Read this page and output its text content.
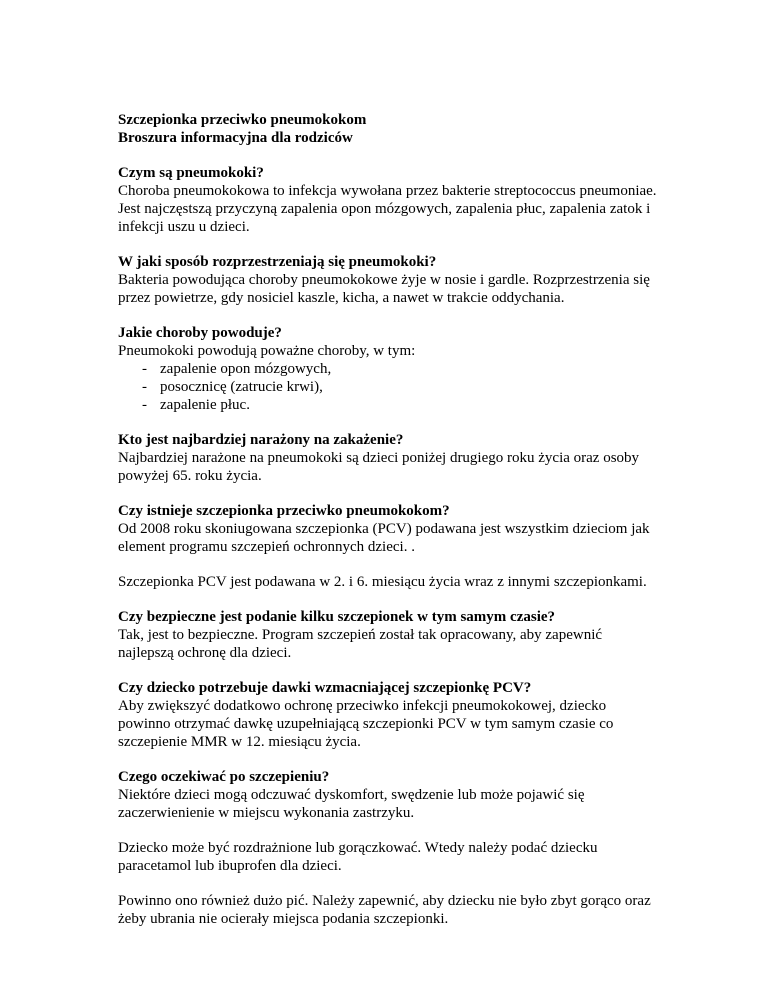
Szczepionka przeciwko pneumokokom
Broszura informacyjna dla rodziców
Czym są pneumokoki?
Choroba pneumokokowa to infekcja wywołana przez bakterie streptococcus pneumoniae. Jest najczęstszą przyczyną zapalenia opon mózgowych, zapalenia płuc, zapalenia zatok i infekcji uszu u dzieci.
W jaki sposób rozprzestrzeniają się pneumokoki?
Bakteria powodująca choroby pneumokokowe żyje w nosie i gardle. Rozprzestrzenia się przez powietrze, gdy nosiciel kaszle, kicha, a nawet w trakcie oddychania.
Jakie choroby powoduje?
Pneumokoki powodują poważne choroby, w tym:
- zapalenie opon mózgowych,
- posocznicę (zatrucie krwi),
- zapalenie płuc.
Kto jest najbardziej narażony na zakażenie?
Najbardziej narażone na pneumokoki są dzieci poniżej drugiego roku życia oraz osoby powyżej 65. roku życia.
Czy istnieje szczepionka przeciwko pneumokokom?
Od 2008 roku skoniugowana szczepionka (PCV) podawana jest wszystkim dzieciom jak element programu szczepień ochronnych dzieci. .
Szczepionka PCV jest podawana w 2. i 6. miesiącu życia wraz z innymi szczepionkami.
Czy bezpieczne jest podanie kilku szczepionek w tym samym czasie?
Tak, jest to bezpieczne. Program szczepień został tak opracowany, aby zapewnić najlepszą ochronę dla dzieci.
Czy dziecko potrzebuje dawki wzmacniającej szczepionkę PCV?
Aby zwiększyć dodatkowo ochronę przeciwko infekcji pneumokokowej, dziecko powinno otrzymać dawkę uzupełniającą szczepionki PCV w tym samym czasie co szczepienie MMR w 12. miesiącu życia.
Czego oczekiwać po szczepieniu?
Niektóre dzieci mogą odczuwać dyskomfort, swędzenie lub może pojawić się zaczerwienienie w miejscu wykonania zastrzyku.
Dziecko może być rozdrażnione lub gorączkować. Wtedy należy podać dziecku paracetamol lub ibuprofen dla dzieci.
Powinno ono również dużo pić. Należy zapewnić, aby dziecku nie było zbyt gorąco oraz żeby ubrania nie ocierały miejsca podania szczepionki.
